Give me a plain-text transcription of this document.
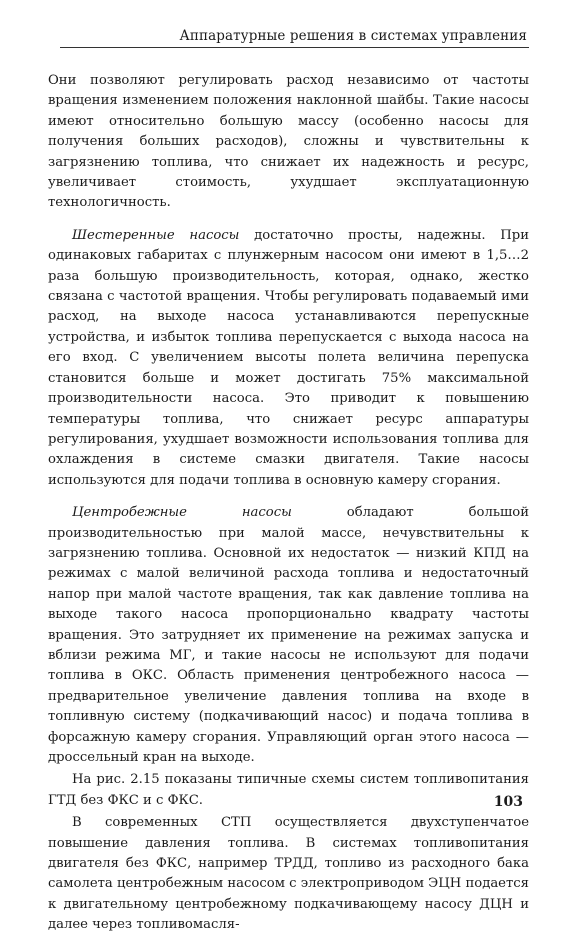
Аппаратурные решения в системах управления

Они позволяют регулировать расход независимо от частоты вращения изменением положения наклонной шайбы. Такие насосы имеют относительно большую массу (особенно насосы для получения больших расходов), сложны и чувствительны к загрязнению топлива, что снижает их надежность и ресурс, увеличивает стоимость, ухудшает эксплуатационную технологичность.

Шестеренные насосы достаточно просты, надежны. При одинаковых габаритах с плунжерным насосом они имеют в 1,5…2 раза большую производительность, которая, однако, жестко связана с частотой вращения. Чтобы регулировать подаваемый ими расход, на выходе насоса устанавливаются перепускные устройства, и избыток топлива перепускается с выхода насоса на его вход. С увеличением высоты полета величина перепуска становится больше и может достигать 75% максимальной производительности насоса. Это приводит к повышению температуры топлива, что снижает ресурс аппаратуры регулирования, ухудшает возможности использования топлива для охлаждения в системе смазки двигателя. Такие насосы используются для подачи топлива в основную камеру сгорания.

Центробежные насосы обладают большой производительностью при малой массе, нечувствительны к загрязнению топлива. Основной их недостаток — низкий КПД на режимах с малой величиной расхода топлива и недостаточный напор при малой частоте вращения, так как давление топлива на выходе такого насоса пропорционально квадрату частоты вращения. Это затрудняет их применение на режимах запуска и вблизи режима МГ, и такие насосы не используют для подачи топлива в ОКС. Область применения центробежного насоса — предварительное увеличение давления топлива на входе в топливную систему (подкачивающий насос) и подача топлива в форсажную камеру сгорания. Управляющий орган этого насоса — дроссельный кран на выходе.

На рис. 2.15 показаны типичные схемы систем топливопитания ГТД без ФКС и с ФКС.

В современных СТП осуществляется двухступенчатое повышение давления топлива. В системах топливопитания двигателя без ФКС, например ТРДД, топливо из расходного бака самолета центробежным насосом с электроприводом ЭЦН подается к двигательному центробежному подкачивающему насосу ДЦН и далее через топливомасля-

103
